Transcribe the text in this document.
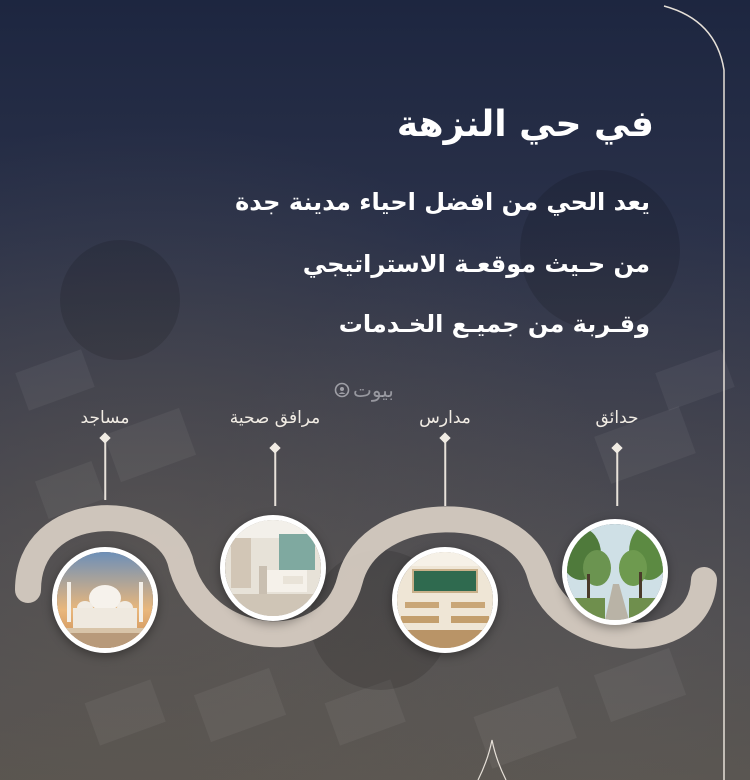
في حي النزهة
يعد الحي من افضل احياء مدينة جدة
من حـيث موقعـة الاستراتيجي
وقـربة من جميـع الخـدمات
بيوت
مساجد	مرافق صحية	مدارس	حدائق
